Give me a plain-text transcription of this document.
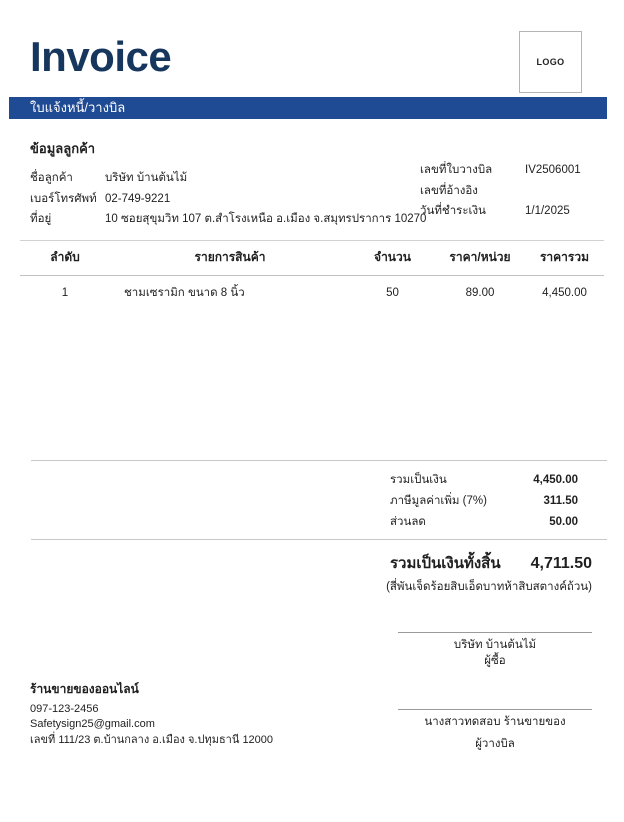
Invoice	LOGO
ใบแจ้งหนี้/วางบิล
ข้อมูลลูกค้า
ชื่อลูกค้า	บริษัท บ้านต้นไม้
เบอร์โทรศัพท์ 02-749-9221
ที่อยู่	10 ซอยสุขุมวิท 107 ต.สำโรงเหนือ อ.เมือง จ.สมุทรปราการ 10270
เลขที่ใบวางบิล	IV2506001
เลขที่อ้างอิง
วันที่ชำระเงิน	1/1/2025
ลำดับ	รายการสินค้า	จำนวน	ราคา/หน่วย	ราคารวม
1	ชามเซรามิก ขนาด 8 นิ้ว	50	89.00	4,450.00
รวมเป็นเงิน	4,450.00
ภาษีมูลค่าเพิ่ม (7%)	311.50
ส่วนลด	50.00
รวมเป็นเงินทั้งสิ้น 4,711.50
(สี่พันเจ็ดร้อยสิบเอ็ดบาทห้าสิบสตางค์ถ้วน)
บริษัท บ้านต้นไม้
ผู้ซื้อ
นางสาวทดสอบ ร้านขายของ
ผู้วางบิล
ร้านขายของออนไลน์
097-123-2456
Safetysign25@gmail.com
เลขที่ 111/23 ต.บ้านกลาง อ.เมือง จ.ปทุมธานี 12000
